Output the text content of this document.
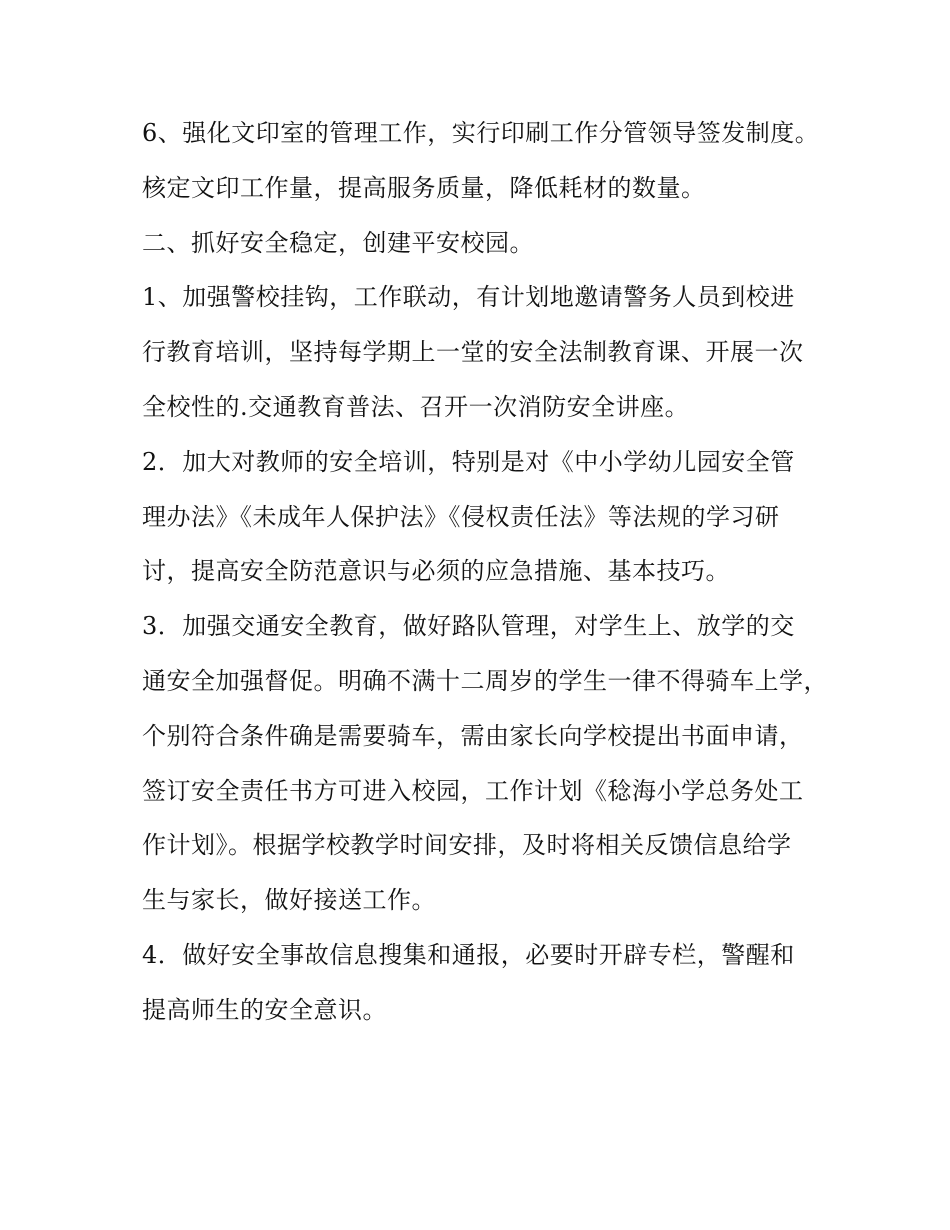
6、强化文印室的管理工作，实行印刷工作分管领导签发制度。
核定文印工作量，提高服务质量，降低耗材的数量。
二、抓好安全稳定，创建平安校园。
1、加强警校挂钩，工作联动，有计划地邀请警务人员到校进
行教育培训，坚持每学期上一堂的安全法制教育课、开展一次
全校性的.交通教育普法、召开一次消防安全讲座。
2．加大对教师的安全培训，特别是对《中小学幼儿园安全管
理办法》《未成年人保护法》《侵权责任法》等法规的学习研
讨，提高安全防范意识与必须的应急措施、基本技巧。
3．加强交通安全教育，做好路队管理，对学生上、放学的交
通安全加强督促。明确不满十二周岁的学生一律不得骑车上学，
个别符合条件确是需要骑车，需由家长向学校提出书面申请，
签订安全责任书方可进入校园，工作计划《稔海小学总务处工
作计划》。根据学校教学时间安排，及时将相关反馈信息给学
生与家长，做好接送工作。
4．做好安全事故信息搜集和通报，必要时开辟专栏，警醒和
提高师生的安全意识。
